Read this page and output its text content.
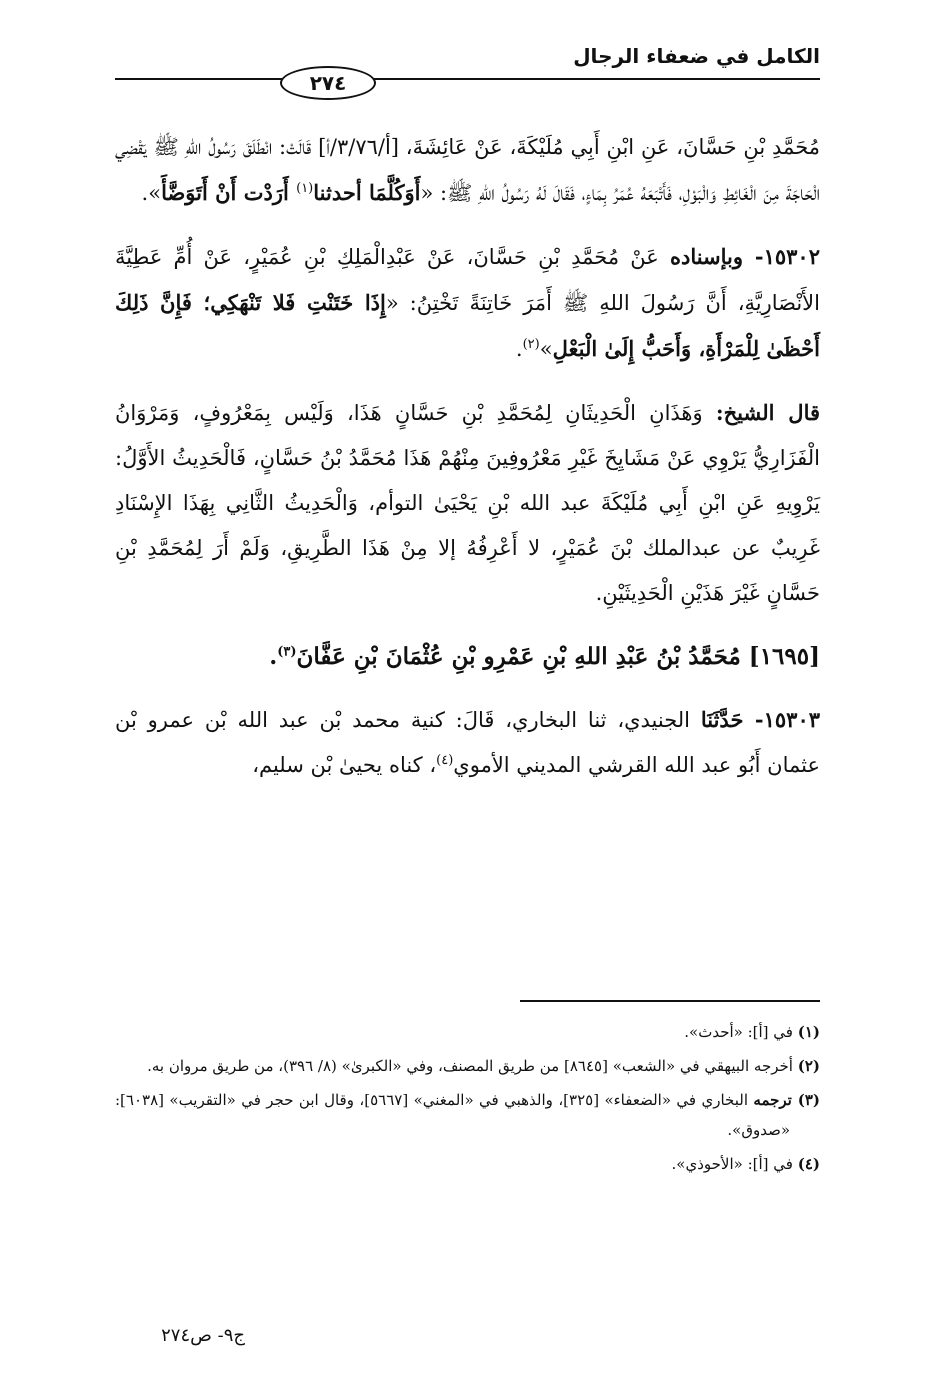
الكامل في ضعفاء الرجال
٢٧٤

مُحَمَّدِ بْنِ حَسَّانَ، عَنِ ابْنِ أَبِي مُلَيْكَةَ، عَنْ عَائِشَةَ، [أ/٣/٧٦/أ] قَالَتْ: انْطَلَقَ رَسُولُ اللهِ ﷺ يَقْضِي الْحَاجَةَ مِنَ الْغَائِطِ وَالْبَوْلِ، فَأَتْبَعَهُ عُمَرُ بِمَاءٍ، فَقَالَ لَهُ رَسُولُ اللهِ ﷺ: «أَوَكُلَّمَا أحدثنا$^{(١)}$ أَرَدْت أَنْ أَتَوَضَّأَ».

١٥٣٠٢- وبإسناده عَنْ مُحَمَّدِ بْنِ حَسَّانَ، عَنْ عَبْدِالْمَلِكِ بْنِ عُمَيْرٍ، عَنْ أُمِّ عَطِيَّةَ الأَنْصَارِيَّةِ، أَنَّ رَسُولَ اللهِ ﷺ أَمَرَ خَاتِنَةً تَخْتِنُ: «إِذَا خَتَنْتِ فَلا تَنْهَكِي؛ فَإِنَّ ذَلِكَ أَحْظَىٰ لِلْمَرْأَةِ، وَأَحَبُّ إِلَىٰ الْبَعْلِ»$^{(٢)}$.

قال الشيخ: وَهَذَانِ الْحَدِيثَانِ لِمُحَمَّدِ بْنِ حَسَّانٍ هَذَا، وَلَيْس بِمَعْرُوفٍ، وَمَرْوَانُ الْفَزَارِيُّ يَرْوِي عَنْ مَشَايِخَ غَيْرِ مَعْرُوفِينَ مِنْهُمْ هَذَا مُحَمَّدُ بْنُ حَسَّانٍ، فَالْحَدِيثُ الأَوَّلُ: يَرْوِيهِ عَنِ ابْنِ أَبِي مُلَيْكَةَ عبد الله بْنِ يَحْيَىٰ التوأم، وَالْحَدِيثُ الثَّانِي بِهَذَا الإِسْنَادِ غَرِيبٌ عن عبدالملك بْنَ عُمَيْرٍ، لا أَعْرِفُهُ إلا مِنْ هَذَا الطَّرِيقِ، وَلَمْ أَرَ لِمُحَمَّدِ بْنِ حَسَّانٍ غَيْرَ هَذَيْنِ الْحَدِيثَيْنِ.

[١٦٩٥] مُحَمَّدُ بْنُ عَبْدِ اللهِ بْنِ عَمْرِو بْنِ عُثْمَانَ بْنِ عَفَّانَ$^{(٣)}$.

١٥٣٠٣- حَدَّثَنَا الجنيدي، ثنا البخاري، قَالَ: كنية محمد بْن عبد الله بْن عمرو بْن عثمان أَبُو عبد الله القرشي المديني الأموي$^{(٤)}$، كناه يحيىٰ بْن سليم،

(١) في [أ]: «أحدث».

(٢) أخرجه البيهقي في «الشعب» [٨٦٤٥] من طريق المصنف، وفي «الكبرىٰ» (٨/ ٣٩٦)، من طريق مروان به.

(٣) ترجمه البخاري في «الضعفاء» [٣٢٥]، والذهبي في «المغني» [٥٦٦٧]، وقال ابن حجر في «التقريب» [٦٠٣٨]: «صدوق».

(٤) في [أ]: «الأحوذي».

ج٩- ص٢٧٤
